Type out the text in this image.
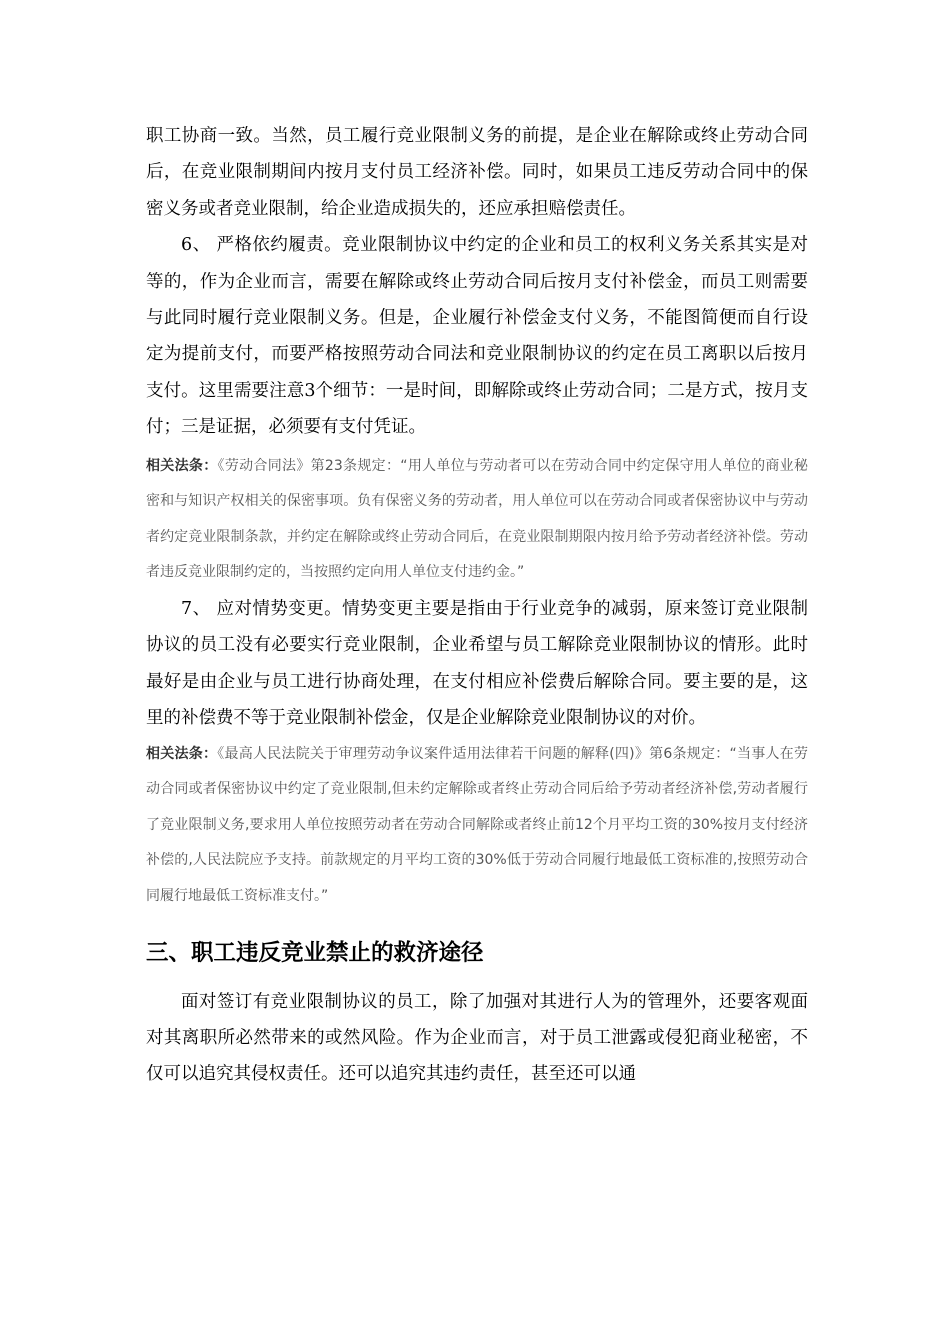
职工协商一致。当然，员工履行竞业限制义务的前提，是企业在解除或终止劳动合同后，在竞业限制期间内按月支付员工经济补偿。同时，如果员工违反劳动合同中的保密义务或者竞业限制，给企业造成损失的，还应承担赔偿责任。

6、 严格依约履责。竞业限制协议中约定的企业和员工的权利义务关系其实是对等的，作为企业而言，需要在解除或终止劳动合同后按月支付补偿金，而员工则需要与此同时履行竞业限制义务。但是，企业履行补偿金支付义务，不能图简便而自行设定为提前支付，而要严格按照劳动合同法和竞业限制协议的约定在员工离职以后按月支付。这里需要注意3个细节：一是时间，即解除或终止劳动合同；二是方式，按月支付；三是证据，必须要有支付凭证。

相关法条：《劳动合同法》第23条规定：“用人单位与劳动者可以在劳动合同中约定保守用人单位的商业秘密和与知识产权相关的保密事项。负有保密义务的劳动者，用人单位可以在劳动合同或者保密协议中与劳动者约定竞业限制条款，并约定在解除或终止劳动合同后，在竞业限制期限内按月给予劳动者经济补偿。劳动者违反竞业限制约定的，当按照约定向用人单位支付违约金。”

7、 应对情势变更。情势变更主要是指由于行业竞争的减弱，原来签订竞业限制协议的员工没有必要实行竞业限制，企业希望与员工解除竞业限制协议的情形。此时最好是由企业与员工进行协商处理，在支付相应补偿费后解除合同。要主要的是，这里的补偿费不等于竞业限制补偿金，仅是企业解除竞业限制协议的对价。

相关法条：《最高人民法院关于审理劳动争议案件适用法律若干问题的解释(四)》第6条规定：“当事人在劳动合同或者保密协议中约定了竞业限制,但未约定解除或者终止劳动合同后给予劳动者经济补偿,劳动者履行了竞业限制义务,要求用人单位按照劳动者在劳动合同解除或者终止前12个月平均工资的30%按月支付经济补偿的,人民法院应予支持。前款规定的月平均工资的30%低于劳动合同履行地最低工资标准的,按照劳动合同履行地最低工资标准支付。”

三、职工违反竞业禁止的救济途径

面对签订有竞业限制协议的员工，除了加强对其进行人为的管理外，还要客观面对其离职所必然带来的或然风险。作为企业而言，对于员工泄露或侵犯商业秘密，不仅可以追究其侵权责任。还可以追究其违约责任，甚至还可以通
